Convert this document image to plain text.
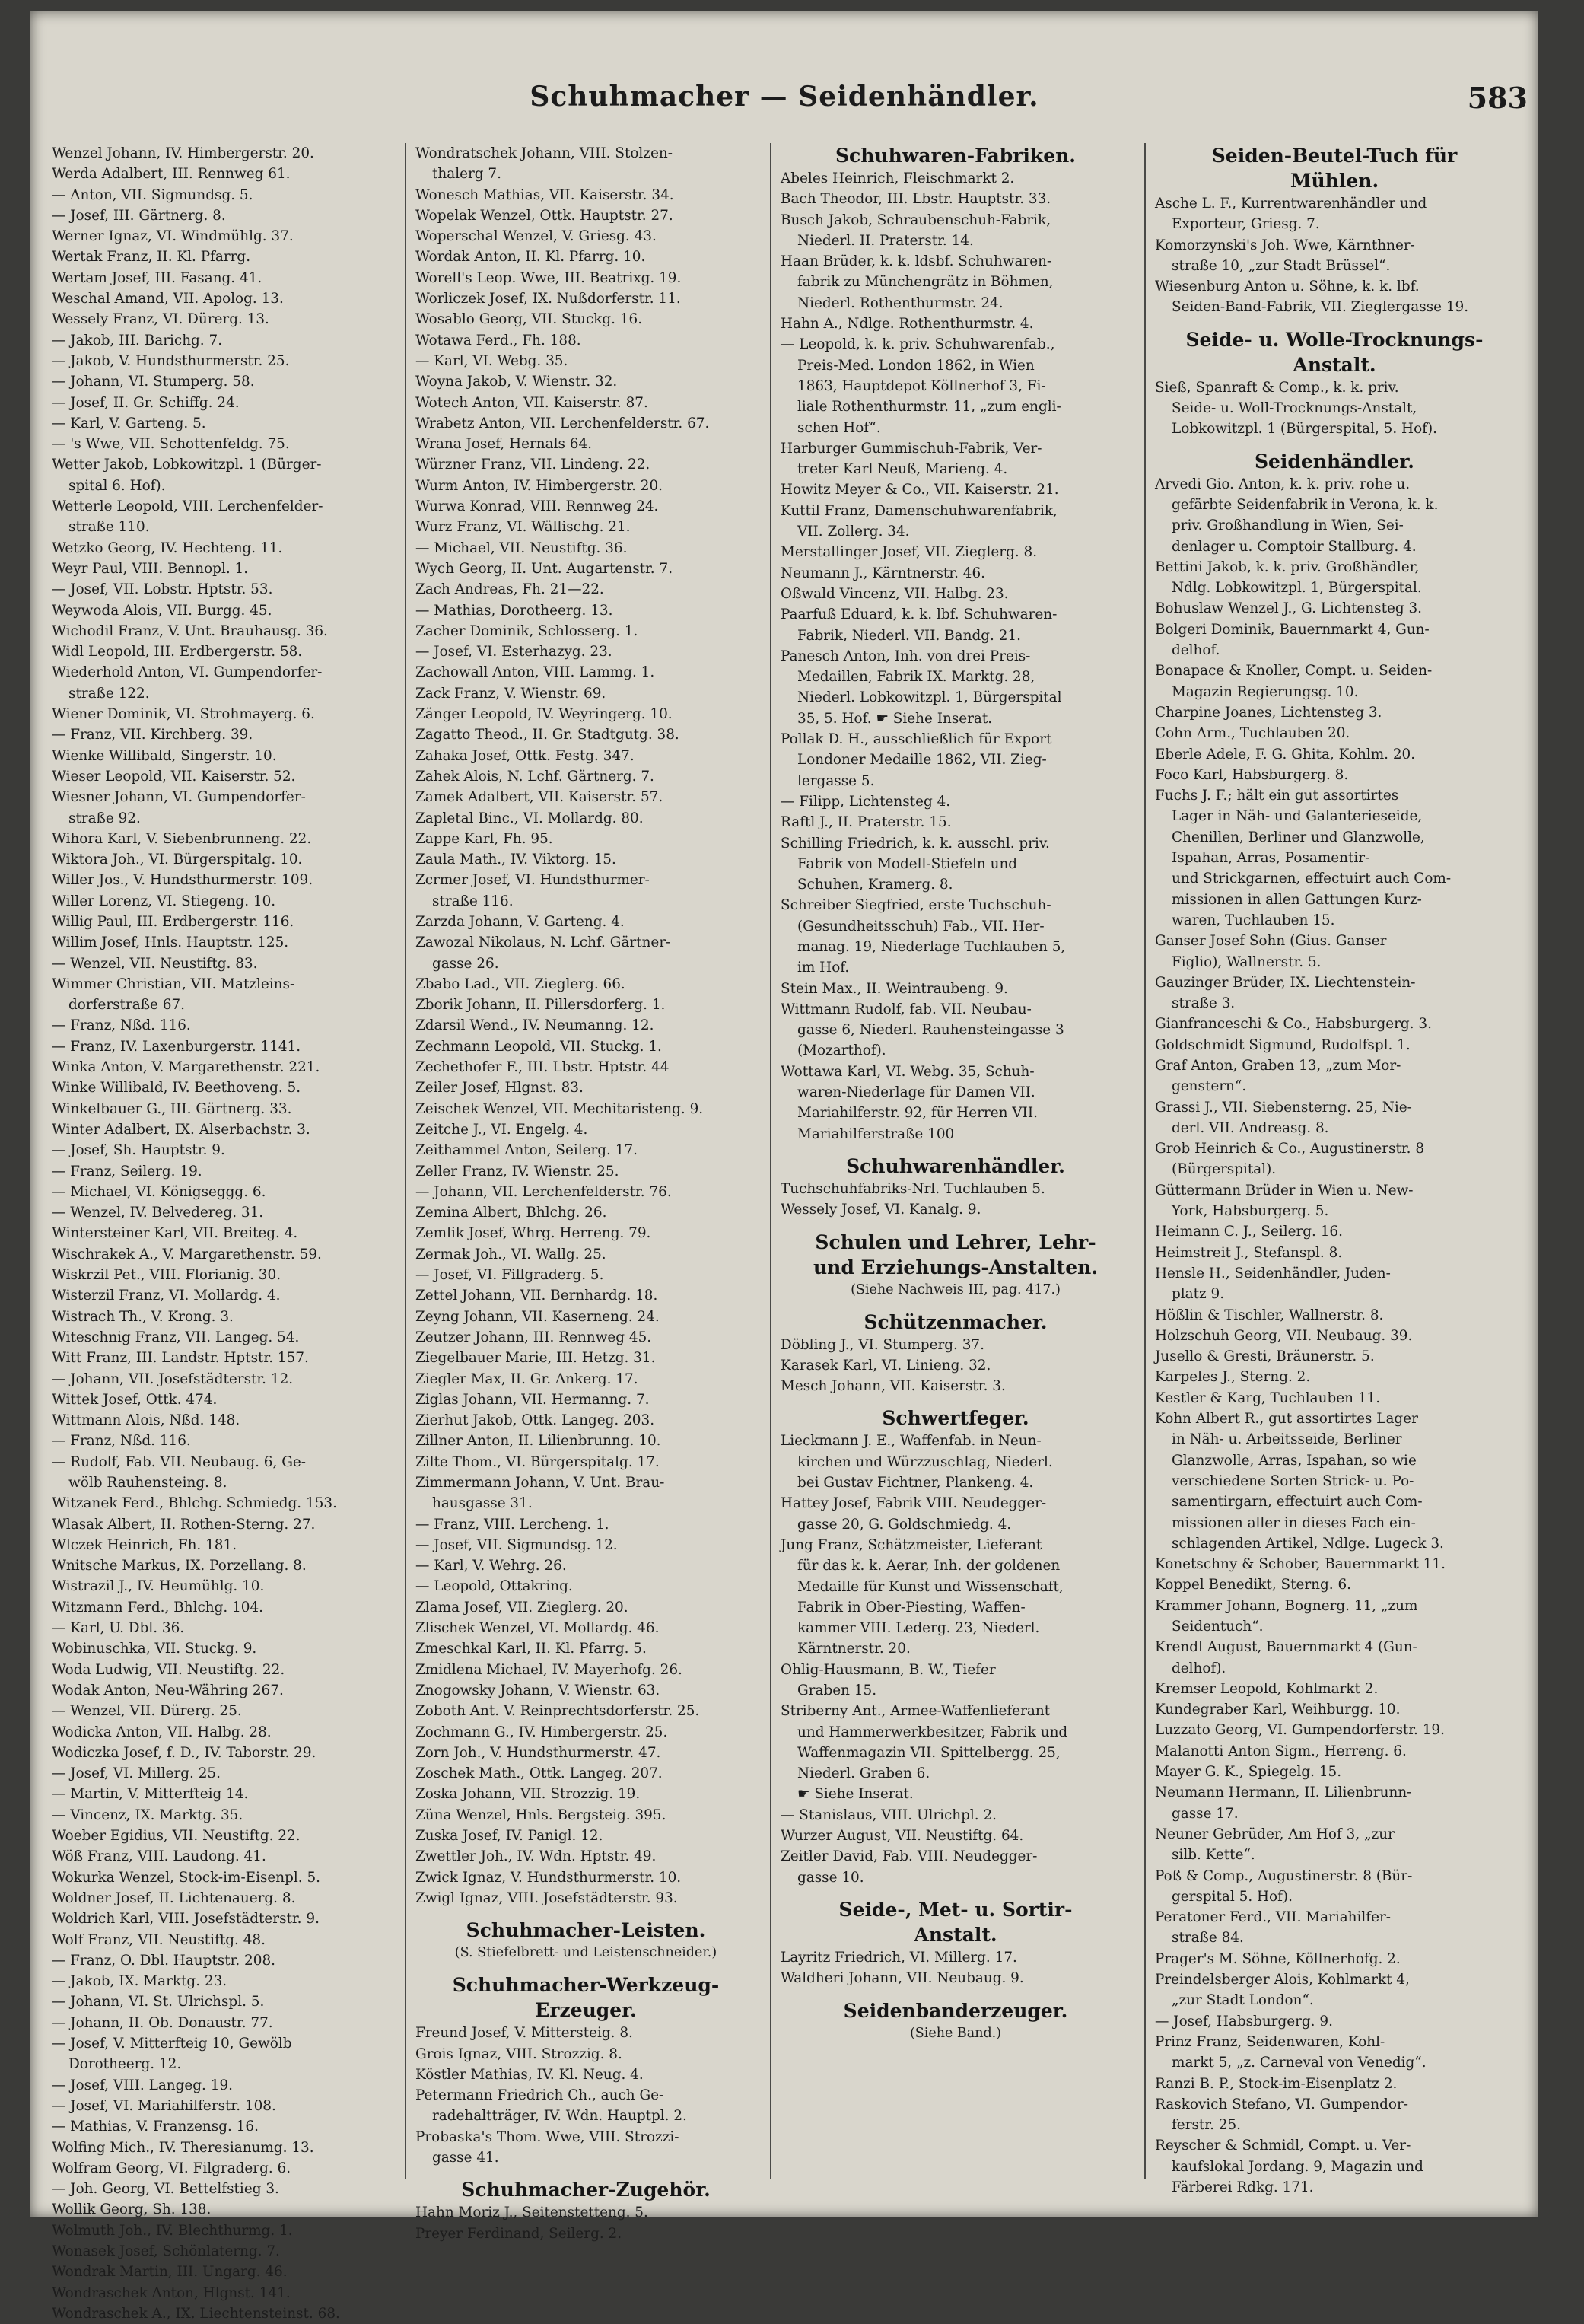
Schuhmacher — Seidenhändler.	583
Wenzel Johann, IV. Himbergerstr. 20.
Werda Adalbert, III. Rennweg 61.
— Anton, VII. Sigmundsg. 5.
— Josef, III. Gärtnerg. 8.
Werner Ignaz, VI. Windmühlg. 37.
Wertak Franz, II. Kl. Pfarrg.
Wertam Josef, III. Fasang. 41.
Weschal Amand, VII. Apolog. 13.
Wessely Franz, VI. Dürerg. 13.
— Jakob, III. Barichg. 7.
— Jakob, V. Hundsthurmerstr. 25.
— Johann, VI. Stumperg. 58.
— Josef, II. Gr. Schiffg. 24.
— Karl, V. Garteng. 5.
— 's Wwe, VII. Schottenfeldg. 75.
Wetter Jakob, Lobkowitzpl. 1 (Bürger-
spital 6. Hof).
Wetterle Leopold, VIII. Lerchenfelder-
straße 110.
Wetzko Georg, IV. Hechteng. 11.
Weyr Paul, VIII. Bennopl. 1.
— Josef, VII. Lobstr. Hptstr. 53.
Weywoda Alois, VII. Burgg. 45.
Wichodil Franz, V. Unt. Brauhausg. 36.
Widl Leopold, III. Erdbergerstr. 58.
Wiederhold Anton, VI. Gumpendorfer-
straße 122.
Wiener Dominik, VI. Strohmayerg. 6.
— Franz, VII. Kirchberg. 39.
Wienke Willibald, Singerstr. 10.
Wieser Leopold, VII. Kaiserstr. 52.
Wiesner Johann, VI. Gumpendorfer-
straße 92.
Wihora Karl, V. Siebenbrunneng. 22.
Wiktora Joh., VI. Bürgerspitalg. 10.
Willer Jos., V. Hundsthurmerstr. 109.
Willer Lorenz, VI. Stiegeng. 10.
Willig Paul, III. Erdbergerstr. 116.
Willim Josef, Hnls. Hauptstr. 125.
— Wenzel, VII. Neustiftg. 83.
Wimmer Christian, VII. Matzleins-
dorferstraße 67.
— Franz, Nßd. 116.
— Franz, IV. Laxenburgerstr. 1141.
Winka Anton, V. Margarethenstr. 221.
Winke Willibald, IV. Beethoveng. 5.
Winkelbauer G., III. Gärtnerg. 33.
Winter Adalbert, IX. Alserbachstr. 3.
— Josef, Sh. Hauptstr. 9.
— Franz, Seilerg. 19.
— Michael, VI. Königseggg. 6.
— Wenzel, IV. Belvedereg. 31.
Wintersteiner Karl, VII. Breiteg. 4.
Wischrakek A., V. Margarethenstr. 59.
Wiskrzil Pet., VIII. Florianig. 30.
Wisterzil Franz, VI. Mollardg. 4.
Wistrach Th., V. Krong. 3.
Witeschnig Franz, VII. Langeg. 54.
Witt Franz, III. Landstr. Hptstr. 157.
— Johann, VII. Josefstädterstr. 12.
Wittek Josef, Ottk. 474.
Wittmann Alois, Nßd. 148.
— Franz, Nßd. 116.
— Rudolf, Fab. VII. Neubaug. 6, Ge-
wölb Rauhensteing. 8.
Witzanek Ferd., Bhlchg. Schmiedg. 153.
Wlasak Albert, II. Rothen-Sterng. 27.
Wlczek Heinrich, Fh. 181.
Wnitsche Markus, IX. Porzellang. 8.
Wistrazil J., IV. Heumühlg. 10.
Witzmann Ferd., Bhlchg. 104.
— Karl, U. Dbl. 36.
Wobinuschka, VII. Stuckg. 9.
Woda Ludwig, VII. Neustiftg. 22.
Wodak Anton, Neu-Währing 267.
— Wenzel, VII. Dürerg. 25.
Wodicka Anton, VII. Halbg. 28.
Wodiczka Josef, f. D., IV. Taborstr. 29.
— Josef, VI. Millerg. 25.
— Martin, V. Mitterfteig 14.
— Vincenz, IX. Marktg. 35.
Woeber Egidius, VII. Neustiftg. 22.
Wöß Franz, VIII. Laudong. 41.
Wokurka Wenzel, Stock-im-Eisenpl. 5.
Woldner Josef, II. Lichtenauerg. 8.
Woldrich Karl, VIII. Josefstädterstr. 9.
Wolf Franz, VII. Neustiftg. 48.
— Franz, O. Dbl. Hauptstr. 208.
— Jakob, IX. Marktg. 23.
— Johann, VI. St. Ulrichspl. 5.
— Johann, II. Ob. Donaustr. 77.
— Josef, V. Mitterfteig 10, Gewölb
Dorotheerg. 12.
— Josef, VIII. Langeg. 19.
— Josef, VI. Mariahilferstr. 108.
— Mathias, V. Franzensg. 16.
Wolfing Mich., IV. Theresianumg. 13.
Wolfram Georg, VI. Filgraderg. 6.
— Joh. Georg, VI. Bettelfstieg 3.
Wollik Georg, Sh. 138.
Wolmuth Joh., IV. Blechthurmg. 1.
Wonasek Josef, Schönlaterng. 7.
Wondrak Martin, III. Ungarg. 46.
Wondraschek Anton, Hlgnst. 141.
Wondraschek A., IX. Liechtensteinst. 68.
Wondratschek Johann, VIII. Stolzen-
thalerg 7.
Wonesch Mathias, VII. Kaiserstr. 34.
Wopelak Wenzel, Ottk. Hauptstr. 27.
Woperschal Wenzel, V. Griesg. 43.
Wordak Anton, II. Kl. Pfarrg. 10.
Worell's Leop. Wwe, III. Beatrixg. 19.
Worliczek Josef, IX. Nußdorferstr. 11.
Wosablo Georg, VII. Stuckg. 16.
Wotawa Ferd., Fh. 188.
— Karl, VI. Webg. 35.
Woyna Jakob, V. Wienstr. 32.
Wotech Anton, VII. Kaiserstr. 87.
Wrabetz Anton, VII. Lerchenfelderstr. 67.
Wrana Josef, Hernals 64.
Würzner Franz, VII. Lindeng. 22.
Wurm Anton, IV. Himbergerstr. 20.
Wurwa Konrad, VIII. Rennweg 24.
Wurz Franz, VI. Wällischg. 21.
— Michael, VII. Neustiftg. 36.
Wych Georg, II. Unt. Augartenstr. 7.
Zach Andreas, Fh. 21—22.
— Mathias, Dorotheerg. 13.
Zacher Dominik, Schlosserg. 1.
— Josef, VI. Esterhazyg. 23.
Zachowall Anton, VIII. Lammg. 1.
Zack Franz, V. Wienstr. 69.
Zänger Leopold, IV. Weyringerg. 10.
Zagatto Theod., II. Gr. Stadtgutg. 38.
Zahaka Josef, Ottk. Festg. 347.
Zahek Alois, N. Lchf. Gärtnerg. 7.
Zamek Adalbert, VII. Kaiserstr. 57.
Zapletal Binc., VI. Mollardg. 80.
Zappe Karl, Fh. 95.
Zaula Math., IV. Viktorg. 15.
Zcrmer Josef, VI. Hundsthurmer-
straße 116.
Zarzda Johann, V. Garteng. 4.
Zawozal Nikolaus, N. Lchf. Gärtner-
gasse 26.
Zbabo Lad., VII. Zieglerg. 66.
Zborik Johann, II. Pillersdorferg. 1.
Zdarsil Wend., IV. Neumanng. 12.
Zechmann Leopold, VII. Stuckg. 1.
Zechethofer F., III. Lbstr. Hptstr. 44
Zeiler Josef, Hlgnst. 83.
Zeischek Wenzel, VII. Mechitaristeng. 9.
Zeitche J., VI. Engelg. 4.
Zeithammel Anton, Seilerg. 17.
Zeller Franz, IV. Wienstr. 25.
— Johann, VII. Lerchenfelderstr. 76.
Zemina Albert, Bhlchg. 26.
Zemlik Josef, Whrg. Herreng. 79.
Zermak Joh., VI. Wallg. 25.
— Josef, VI. Fillgraderg. 5.
Zettel Johann, VII. Bernhardg. 18.
Zeyng Johann, VII. Kaserneng. 24.
Zeutzer Johann, III. Rennweg 45.
Ziegelbauer Marie, III. Hetzg. 31.
Ziegler Max, II. Gr. Ankerg. 17.
Ziglas Johann, VII. Hermanng. 7.
Zierhut Jakob, Ottk. Langeg. 203.
Zillner Anton, II. Lilienbrunng. 10.
Zilte Thom., VI. Bürgerspitalg. 17.
Zimmermann Johann, V. Unt. Brau-
hausgasse 31.
— Franz, VIII. Lercheng. 1.
— Josef, VII. Sigmundsg. 12.
— Karl, V. Wehrg. 26.
— Leopold, Ottakring.
Zlama Josef, VII. Zieglerg. 20.
Zlischek Wenzel, VI. Mollardg. 46.
Zmeschkal Karl, II. Kl. Pfarrg. 5.
Zmidlena Michael, IV. Mayerhofg. 26.
Znogowsky Johann, V. Wienstr. 63.
Zoboth Ant. V. Reinprechtsdorferstr. 25.
Zochmann G., IV. Himbergerstr. 25.
Zorn Joh., V. Hundsthurmerstr. 47.
Zoschek Math., Ottk. Langeg. 207.
Zoska Johann, VII. Strozzig. 19.
Züna Wenzel, Hnls. Bergsteig. 395.
Zuska Josef, IV. Panigl. 12.
Zwettler Joh., IV. Wdn. Hptstr. 49.
Zwick Ignaz, V. Hundsthurmerstr. 10.
Zwigl Ignaz, VIII. Josefstädterstr. 93.
Schuhmacher-Leisten.
(S. Stiefelbrett- und Leistenschneider.)
Schuhmacher-Werkzeug-
Erzeuger.
Freund Josef, V. Mittersteig. 8.
Grois Ignaz, VIII. Strozzig. 8.
Köstler Mathias, IV. Kl. Neug. 4.
Petermann Friedrich Ch., auch Ge-
radehaltträger, IV. Wdn. Hauptpl. 2.
Probaska's Thom. Wwe, VIII. Strozzi-
gasse 41.
Schuhmacher-Zugehör.
Hahn Moriz J., Seitenstetteng. 5.
Preyer Ferdinand, Seilerg. 2.
Schuhwaren-Fabriken.
Abeles Heinrich, Fleischmarkt 2.
Bach Theodor, III. Lbstr. Hauptstr. 33.
Busch Jakob, Schraubenschuh-Fabrik,
Niederl. II. Praterstr. 14.
Haan Brüder, k. k. ldsbf. Schuhwaren-
fabrik zu Münchengrätz in Böhmen,
Niederl. Rothenthurmstr. 24.
Hahn A., Ndlge. Rothenthurmstr. 4.
— Leopold, k. k. priv. Schuhwarenfab.,
Preis-Med. London 1862, in Wien
1863, Hauptdepot Köllnerhof 3, Fi-
liale Rothenthurmstr. 11, „zum engli-
schen Hof“.
Harburger Gummischuh-Fabrik, Ver-
treter Karl Neuß, Marieng. 4.
Howitz Meyer & Co., VII. Kaiserstr. 21.
Kuttil Franz, Damenschuhwarenfabrik,
VII. Zollerg. 34.
Merstallinger Josef, VII. Zieglerg. 8.
Neumann J., Kärntnerstr. 46.
Oßwald Vincenz, VII. Halbg. 23.
Paarfuß Eduard, k. k. lbf. Schuhwaren-
Fabrik, Niederl. VII. Bandg. 21.
Panesch Anton, Inh. von drei Preis-
Medaillen, Fabrik IX. Marktg. 28,
Niederl. Lobkowitzpl. 1, Bürgerspital
35, 5. Hof. ☛ Siehe Inserat.
Pollak D. H., ausschließlich für Export
Londoner Medaille 1862, VII. Zieg-
lergasse 5.
— Filipp, Lichtensteg 4.
Raftl J., II. Praterstr. 15.
Schilling Friedrich, k. k. ausschl. priv.
Fabrik von Modell-Stiefeln und
Schuhen, Kramerg. 8.
Schreiber Siegfried, erste Tuchschuh-
(Gesundheitsschuh) Fab., VII. Her-
manag. 19, Niederlage Tuchlauben 5,
im Hof.
Stein Max., II. Weintraubeng. 9.
Wittmann Rudolf, fab. VII. Neubau-
gasse 6, Niederl. Rauhensteingasse 3
(Mozarthof).
Wottawa Karl, VI. Webg. 35, Schuh-
waren-Niederlage für Damen VII.
Mariahilferstr. 92, für Herren VII.
Mariahilferstraße 100
Schuhwarenhändler.
Tuchschuhfabriks-Nrl. Tuchlauben 5.
Wessely Josef, VI. Kanalg. 9.
Schulen und Lehrer, Lehr-
und Erziehungs-Anstalten.
(Siehe Nachweis III, pag. 417.)
Schützenmacher.
Döbling J., VI. Stumperg. 37.
Karasek Karl, VI. Linieng. 32.
Mesch Johann, VII. Kaiserstr. 3.
Schwertfeger.
Lieckmann J. E., Waffenfab. in Neun-
kirchen und Würzzuschlag, Niederl.
bei Gustav Fichtner, Plankeng. 4.
Hattey Josef, Fabrik VIII. Neudegger-
gasse 20, G. Goldschmiedg. 4.
Jung Franz, Schätzmeister, Lieferant
für das k. k. Aerar, Inh. der goldenen
Medaille für Kunst und Wissenschaft,
Fabrik in Ober-Piesting, Waffen-
kammer VIII. Lederg. 23, Niederl.
Kärntnerstr. 20.
Ohlig-Hausmann, B. W., Tiefer
Graben 15.
Striberny Ant., Armee-Waffenlieferant
und Hammerwerkbesitzer, Fabrik und
Waffenmagazin VII. Spittelbergg. 25,
Niederl. Graben 6.
☛ Siehe Inserat.
— Stanislaus, VIII. Ulrichpl. 2.
Wurzer August, VII. Neustiftg. 64.
Zeitler David, Fab. VIII. Neudegger-
gasse 10.
Seide-, Met- u. Sortir-
Anstalt.
Layritz Friedrich, VI. Millerg. 17.
Waldheri Johann, VII. Neubaug. 9.
Seidenbanderzeuger.
(Siehe Band.)
Seiden-Beutel-Tuch für
Mühlen.
Asche L. F., Kurrentwarenhändler und
Exporteur, Griesg. 7.
Komorzynski's Joh. Wwe, Kärnthner-
straße 10, „zur Stadt Brüssel“.
Wiesenburg Anton u. Söhne, k. k. lbf.
Seiden-Band-Fabrik, VII. Zieglergasse 19.
Seide- u. Wolle-Trocknungs-
Anstalt.
Sieß, Spanraft & Comp., k. k. priv.
Seide- u. Woll-Trocknungs-Anstalt,
Lobkowitzpl. 1 (Bürgerspital, 5. Hof).
Seidenhändler.
Arvedi Gio. Anton, k. k. priv. rohe u.
gefärbte Seidenfabrik in Verona, k. k.
priv. Großhandlung in Wien, Sei-
denlager u. Comptoir Stallburg. 4.
Bettini Jakob, k. k. priv. Großhändler,
Ndlg. Lobkowitzpl. 1, Bürgerspital.
Bohuslaw Wenzel J., G. Lichtensteg 3.
Bolgeri Dominik, Bauernmarkt 4, Gun-
delhof.
Bonapace & Knoller, Compt. u. Seiden-
Magazin Regierungsg. 10.
Charpine Joanes, Lichtensteg 3.
Cohn Arm., Tuchlauben 20.
Eberle Adele, F. G. Ghita, Kohlm. 20.
Foco Karl, Habsburgerg. 8.
Fuchs J. F.; hält ein gut assortirtes
Lager in Näh- und Galanterieseide,
Chenillen, Berliner und Glanzwolle,
Ispahan, Arras, Posamentir-
und Strickgarnen, effectuirt auch Com-
missionen in allen Gattungen Kurz-
waren, Tuchlauben 15.
Ganser Josef Sohn (Gius. Ganser
Figlio), Wallnerstr. 5.
Gauzinger Brüder, IX. Liechtenstein-
straße 3.
Gianfranceschi & Co., Habsburgerg. 3.
Goldschmidt Sigmund, Rudolfspl. 1.
Graf Anton, Graben 13, „zum Mor-
genstern“.
Grassi J., VII. Siebensterng. 25, Nie-
derl. VII. Andreasg. 8.
Grob Heinrich & Co., Augustinerstr. 8
(Bürgerspital).
Güttermann Brüder in Wien u. New-
York, Habsburgerg. 5.
Heimann C. J., Seilerg. 16.
Heimstreit J., Stefanspl. 8.
Hensle H., Seidenhändler, Juden-
platz 9.
Hößlin & Tischler, Wallnerstr. 8.
Holzschuh Georg, VII. Neubaug. 39.
Jusello & Gresti, Bräunerstr. 5.
Karpeles J., Sterng. 2.
Kestler & Karg, Tuchlauben 11.
Kohn Albert R., gut assortirtes Lager
in Näh- u. Arbeitsseide, Berliner
Glanzwolle, Arras, Ispahan, so wie
verschiedene Sorten Strick- u. Po-
samentirgarn, effectuirt auch Com-
missionen aller in dieses Fach ein-
schlagenden Artikel, Ndlge. Lugeck 3.
Konetschny & Schober, Bauernmarkt 11.
Koppel Benedikt, Sterng. 6.
Krammer Johann, Bognerg. 11, „zum
Seidentuch“.
Krendl August, Bauernmarkt 4 (Gun-
delhof).
Kremser Leopold, Kohlmarkt 2.
Kundegraber Karl, Weihburgg. 10.
Luzzato Georg, VI. Gumpendorferstr. 19.
Malanotti Anton Sigm., Herreng. 6.
Mayer G. K., Spiegelg. 15.
Neumann Hermann, II. Lilienbrunn-
gasse 17.
Neuner Gebrüder, Am Hof 3, „zur
silb. Kette“.
Poß & Comp., Augustinerstr. 8 (Bür-
gerspital 5. Hof).
Peratoner Ferd., VII. Mariahilfer-
straße 84.
Prager's M. Söhne, Köllnerhofg. 2.
Preindelsberger Alois, Kohlmarkt 4,
„zur Stadt London“.
— Josef, Habsburgerg. 9.
Prinz Franz, Seidenwaren, Kohl-
markt 5, „z. Carneval von Venedig“.
Ranzi B. P., Stock-im-Eisenplatz 2.
Raskovich Stefano, VI. Gumpendor-
ferstr. 25.
Reyscher & Schmidl, Compt. u. Ver-
kaufslokal Jordang. 9, Magazin und
Färberei Rdkg. 171.
